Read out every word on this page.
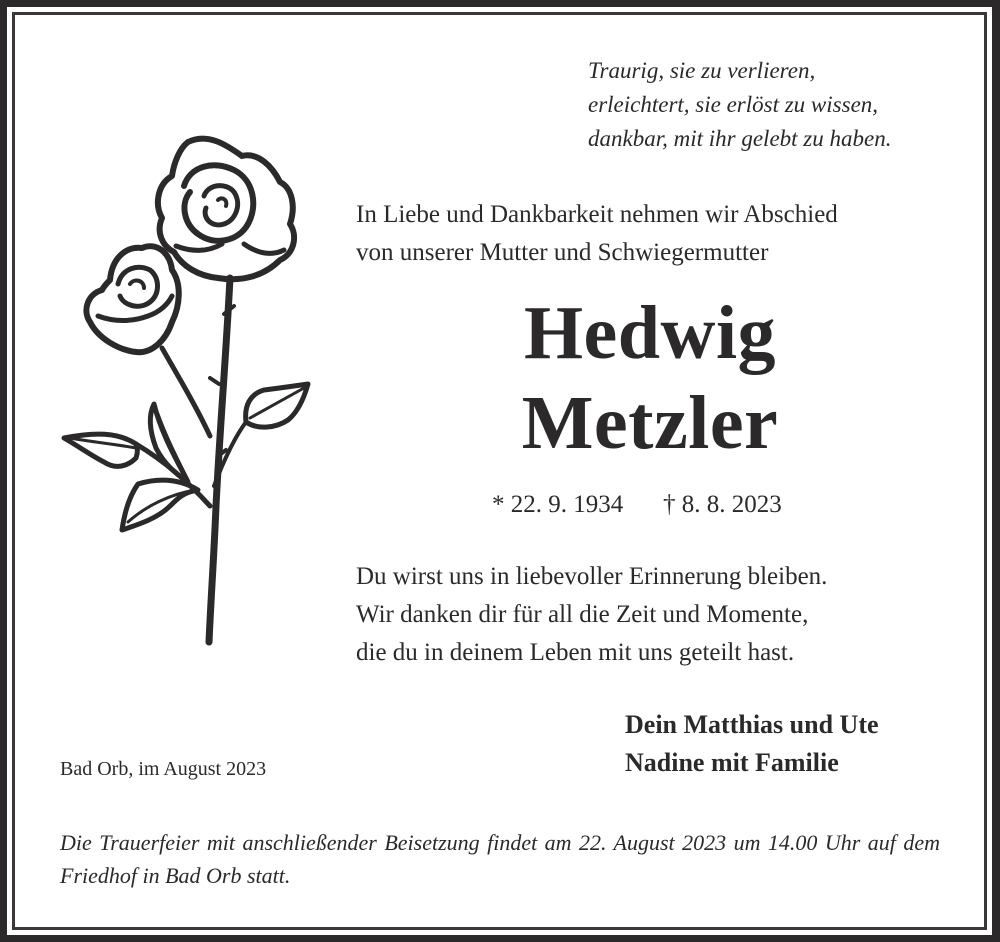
Traurig, sie zu verlieren,
erleichtert, sie erlöst zu wissen,
dankbar, mit ihr gelebt zu haben.
In Liebe und Dankbarkeit nehmen wir Abschied
von unserer Mutter und Schwiegermutter
Hedwig
Metzler
* 22. 9. 1934 † 8. 8. 2023
Du wirst uns in liebevoller Erinnerung bleiben.
Wir danken dir für all die Zeit und Momente,
die du in deinem Leben mit uns geteilt hast.
Dein Matthias und Ute
Nadine mit Familie
Bad Orb, im August 2023
Die Trauerfeier mit anschließender Beisetzung findet am 22. August 2023 um 14.00 Uhr auf dem Friedhof in Bad Orb statt.
